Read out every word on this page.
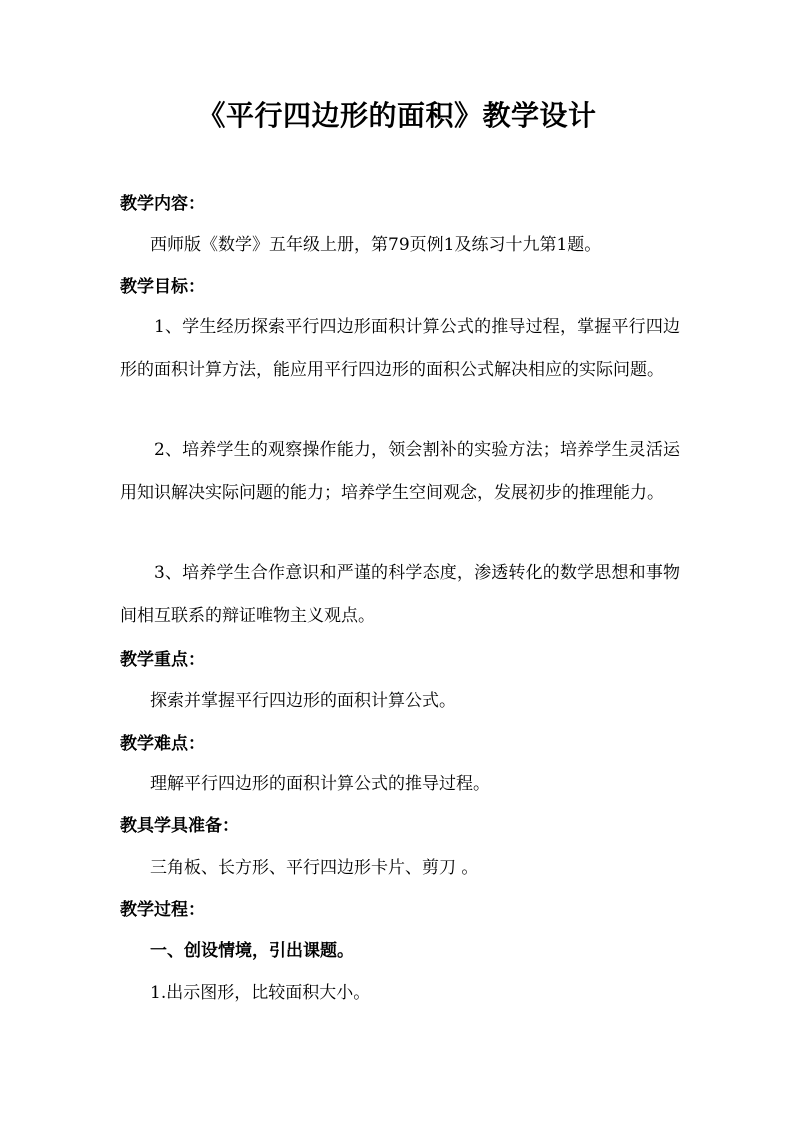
《平行四边形的面积》教学设计
教学内容：
西师版《数学》五年级上册，第79页例1及练习十九第1题。
教学目标：
1、学生经历探索平行四边形面积计算公式的推导过程，掌握平行四边形的面积计算方法，能应用平行四边形的面积公式解决相应的实际问题。
2、培养学生的观察操作能力，领会割补的实验方法；培养学生灵活运用知识解决实际问题的能力；培养学生空间观念，发展初步的推理能力。
3、培养学生合作意识和严谨的科学态度，渗透转化的数学思想和事物间相互联系的辩证唯物主义观点。
教学重点：
探索并掌握平行四边形的面积计算公式。
教学难点：
理解平行四边形的面积计算公式的推导过程。
教具学具准备：
三角板、长方形、平行四边形卡片、剪刀 。
教学过程：
一、创设情境，引出课题。
1.出示图形，比较面积大小。
